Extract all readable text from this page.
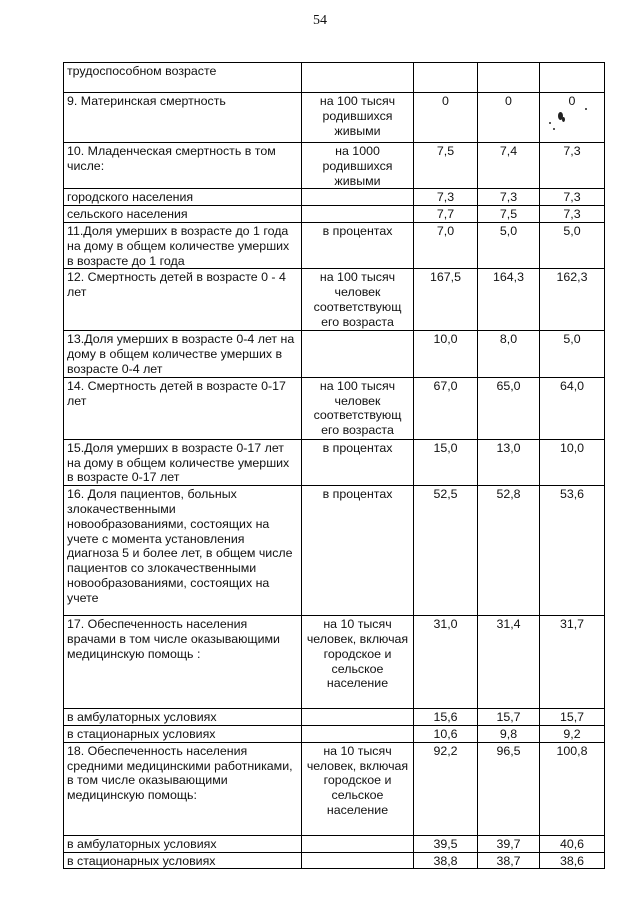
54
трудоспособном возрасте				
9. Материнская смертность	на 100 тысяч родившихся живыми	0	0	0
10. Младенческая смертность в том числе:	на 1000 родившихся живыми	7,5	7,4	7,3
городского населения		7,3	7,3	7,3
сельского населения		7,7	7,5	7,3
11.Доля умерших в возрасте до 1 года на дому в общем количестве умерших в возрасте до 1 года	в процентах	7,0	5,0	5,0
12. Смертность детей в возрасте 0 - 4 лет	на 100 тысяч человек соответствующ его возраста	167,5	164,3	162,3
13.Доля умерших в возрасте 0-4 лет на дому в общем количестве умерших в возрасте 0-4 лет		10,0	8,0	5,0
14. Смертность детей в возрасте 0-17 лет	на 100 тысяч человек соответствующ его возраста	67,0	65,0	64,0
15.Доля умерших в возрасте 0-17 лет на дому в общем количестве умерших в возрасте 0-17 лет	в процентах	15,0	13,0	10,0
16. Доля пациентов, больных злокачественными новообразованиями, состоящих на учете с момента установления диагноза 5 и более лет, в общем числе пациентов со злокачественными новообразованиями, состоящих на учете	в процентах	52,5	52,8	53,6
17. Обеспеченность населения врачами в том числе оказывающими медицинскую помощь :	на 10 тысяч человек, включая городское и сельское население	31,0	31,4	31,7
в амбулаторных условиях		15,6	15,7	15,7
в стационарных условиях		10,6	9,8	9,2
18. Обеспеченность населения средними медицинскими работниками, в том числе оказывающими медицинскую помощь:	на 10 тысяч человек, включая городское и сельское население	92,2	96,5	100,8
в амбулаторных условиях		39,5	39,7	40,6
в стационарных условиях		38,8	38,7	38,6
